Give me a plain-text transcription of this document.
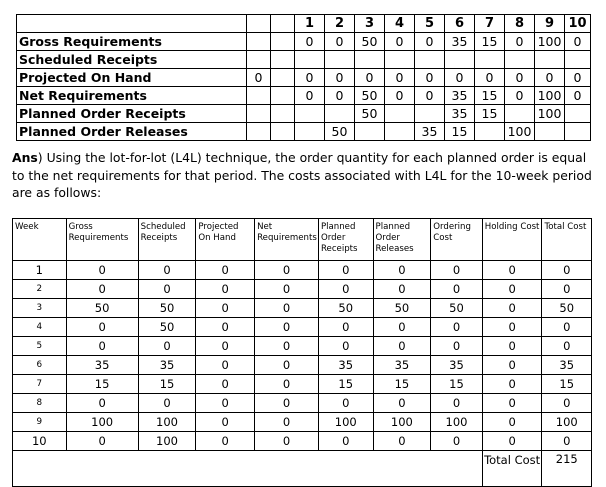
			1	2	3	4	5	6	7	8	9	10
Gross Requirements			0	0	50	0	0	35	15	0	100	0
Scheduled Receipts												
Projected On Hand	0		0	0	0	0	0	0	0	0	0	0
Net Requirements			0	0	50	0	0	35	15	0	100	0
Planned Order Receipts					50			35	15		100	
Planned Order Releases				50			35	15		100		

Ans) Using the lot-for-lot (L4L) technique, the order quantity for each planned order is equal to the net requirements for that period. The costs associated with L4L for the 10-week period are as follows:

Week	Gross Requirements	Scheduled Receipts	Projected On Hand	Net Requirements	Planned Order Receipts	Planned Order Releases	Ordering Cost	Holding Cost	Total Cost
1	0	0	0	0	0	0	0	0	0
2	0	0	0	0	0	0	0	0	0
3	50	50	0	0	50	50	50	0	50
4	0	50	0	0	0	0	0	0	0
5	0	0	0	0	0	0	0	0	0
6	35	35	0	0	35	35	35	0	35
7	15	15	0	0	15	15	15	0	15
8	0	0	0	0	0	0	0	0	0
9	100	100	0	0	100	100	100	0	100
10	0	100	0	0	0	0	0	0	0
								Total Cost	215
